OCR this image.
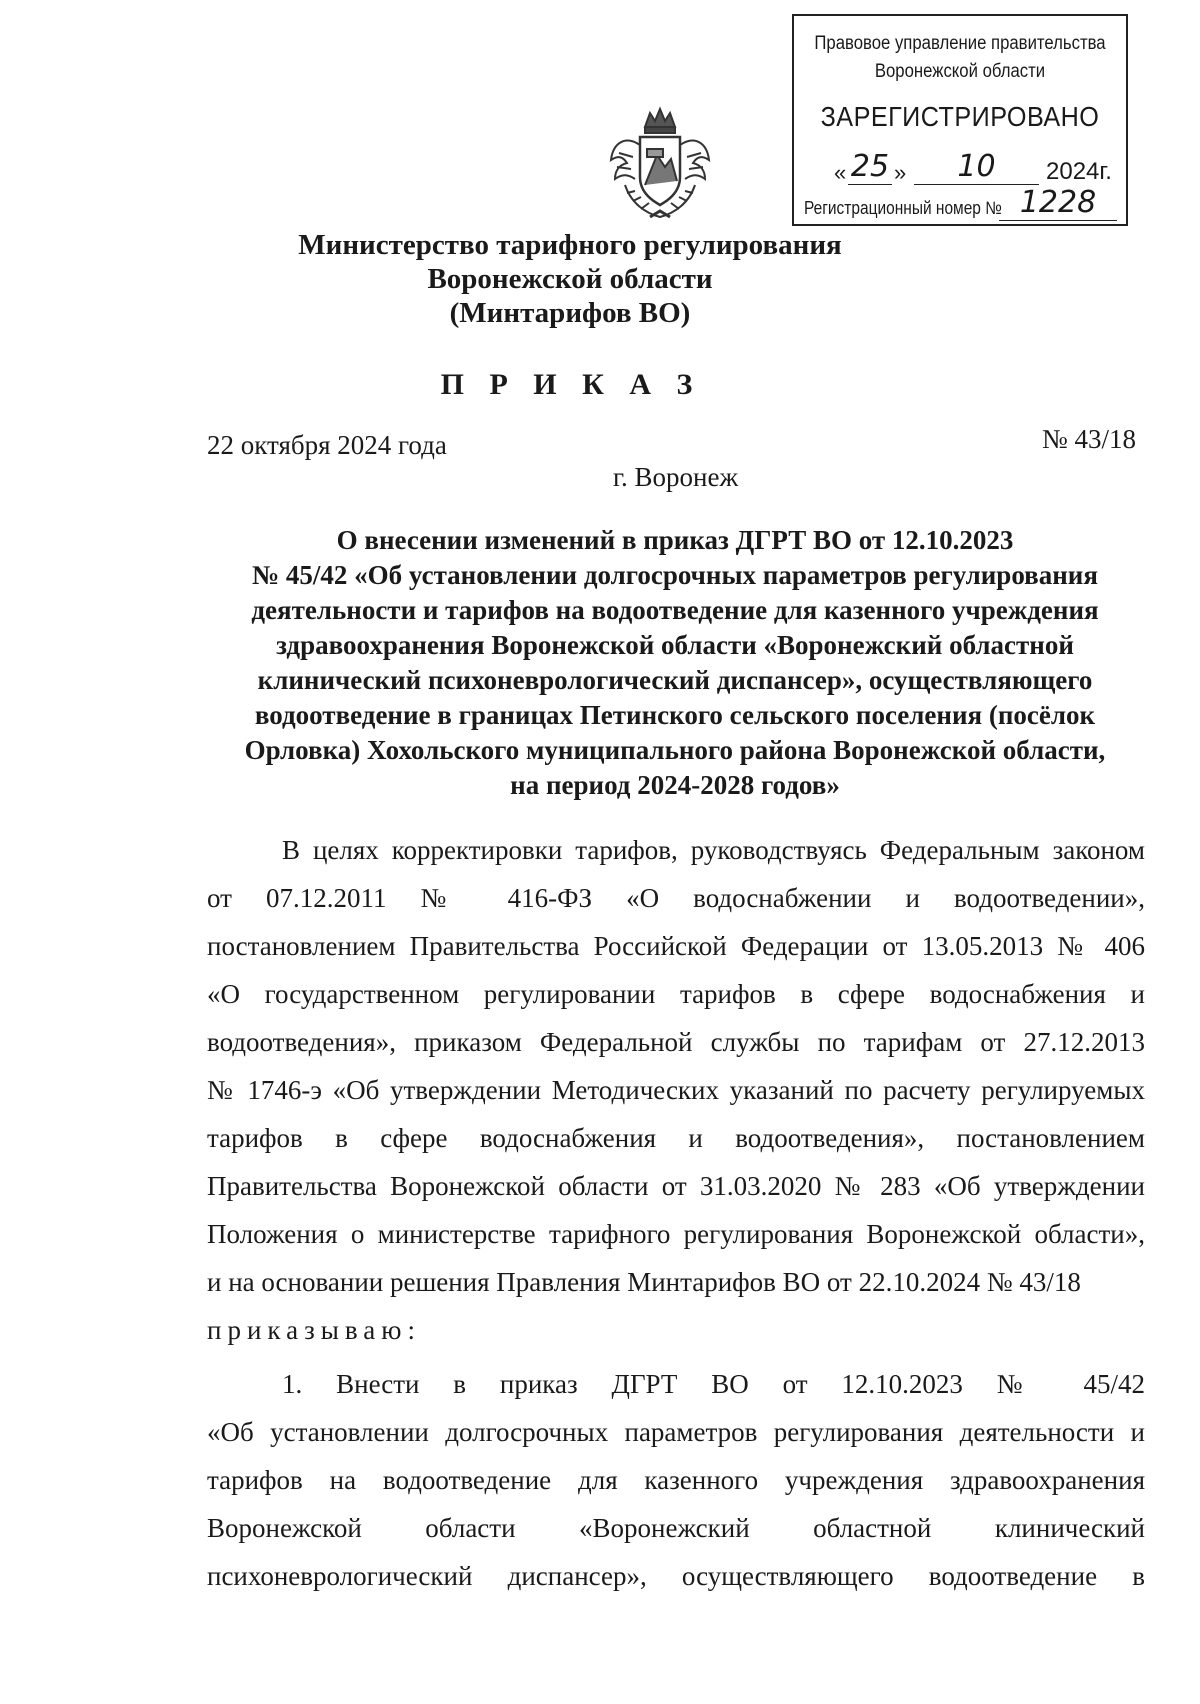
Правовое управление правительства
Воронежской области
ЗАРЕГИСТРИРОВАНО
« 25 »	10	2024г.
Регистрационный номер № 1228
Министерство тарифного регулирования
Воронежской области
(Минтарифов ВО)
П Р И К А З
22 октября 2024 года	№ 43/18
г. Воронеж
О внесении изменений в приказ ДГРТ ВО от 12.10.2023
№ 45/42 «Об установлении долгосрочных параметров регулирования
деятельности и тарифов на водоотведение для казенного учреждения
здравоохранения Воронежской области «Воронежский областной
клинический психоневрологический диспансер», осуществляющего
водоотведение в границах Петинского сельского поселения (посёлок
Орловка) Хохольского муниципального района Воронежской области,
на период 2024-2028 годов»
В целях корректировки тарифов, руководствуясь Федеральным законом
от 07.12.2011 № 416-ФЗ «О водоснабжении и водоотведении»,
постановлением Правительства Российской Федерации от 13.05.2013 № 406
«О государственном регулировании тарифов в сфере водоснабжения и
водоотведения», приказом Федеральной службы по тарифам от 27.12.2013
№ 1746-э «Об утверждении Методических указаний по расчету регулируемых
тарифов в сфере водоснабжения и водоотведения», постановлением
Правительства Воронежской области от 31.03.2020 № 283 «Об утверждении
Положения о министерстве тарифного регулирования Воронежской области»,
и на основании решения Правления Минтарифов ВО от 22.10.2024 № 43/18
приказываю:
1. Внести в приказ ДГРТ ВО от 12.10.2023 № 45/42
«Об установлении долгосрочных параметров регулирования деятельности и
тарифов на водоотведение для казенного учреждения здравоохранения
Воронежской области «Воронежский областной клинический
психоневрологический диспансер», осуществляющего водоотведение в
